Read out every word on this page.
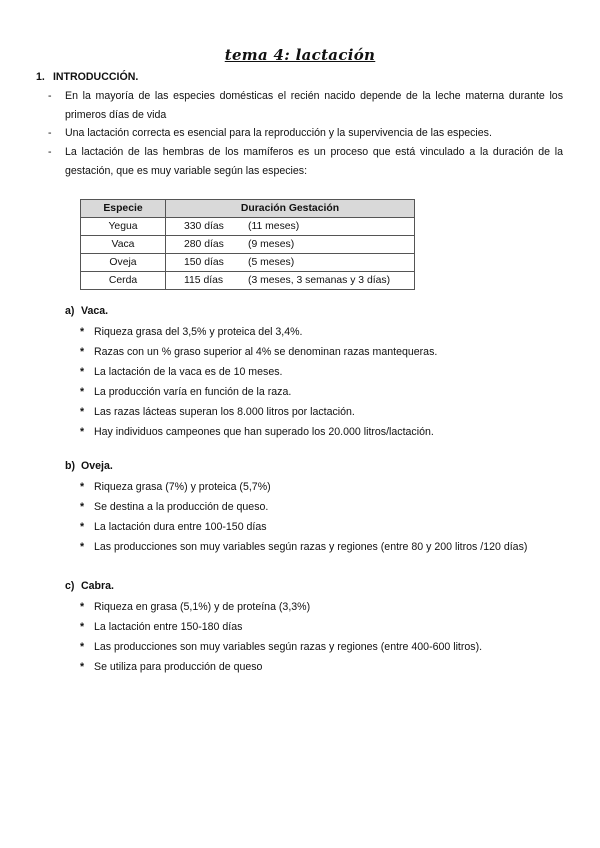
tema 4: lactación
1. INTRODUCCIÓN.
- En la mayoría de las especies domésticas el recién nacido depende de la leche materna durante los primeros días de vida
- Una lactación correcta es esencial para la reproducción y la supervivencia de las especies.
- La lactación de las hembras de los mamíferos es un proceso que está vinculado a la duración de la gestación, que es muy variable según las especies:
Especie	Duración Gestación
Yegua	330 días (11 meses)
Vaca	280 días (9 meses)
Oveja	150 días (5 meses)
Cerda	115 días (3 meses, 3 semanas y 3 días)
a) Vaca.
* Riqueza grasa del 3,5% y proteica del 3,4%.
* Razas con un % graso superior al 4% se denominan razas mantequeras.
* La lactación de la vaca es de 10 meses.
* La producción varía en función de la raza.
* Las razas lácteas superan los 8.000 litros por lactación.
* Hay individuos campeones que han superado los 20.000 litros/lactación.
b) Oveja.
* Riqueza grasa (7%) y proteica (5,7%)
* Se destina a la producción de queso.
* La lactación dura entre 100-150 días
* Las producciones son muy variables según razas y regiones (entre 80 y 200 litros /120 días)
c) Cabra.
* Riqueza en grasa (5,1%) y de proteína (3,3%)
* La lactación entre 150-180 días
* Las producciones son muy variables según razas y regiones (entre 400-600 litros).
* Se utiliza para producción de queso
